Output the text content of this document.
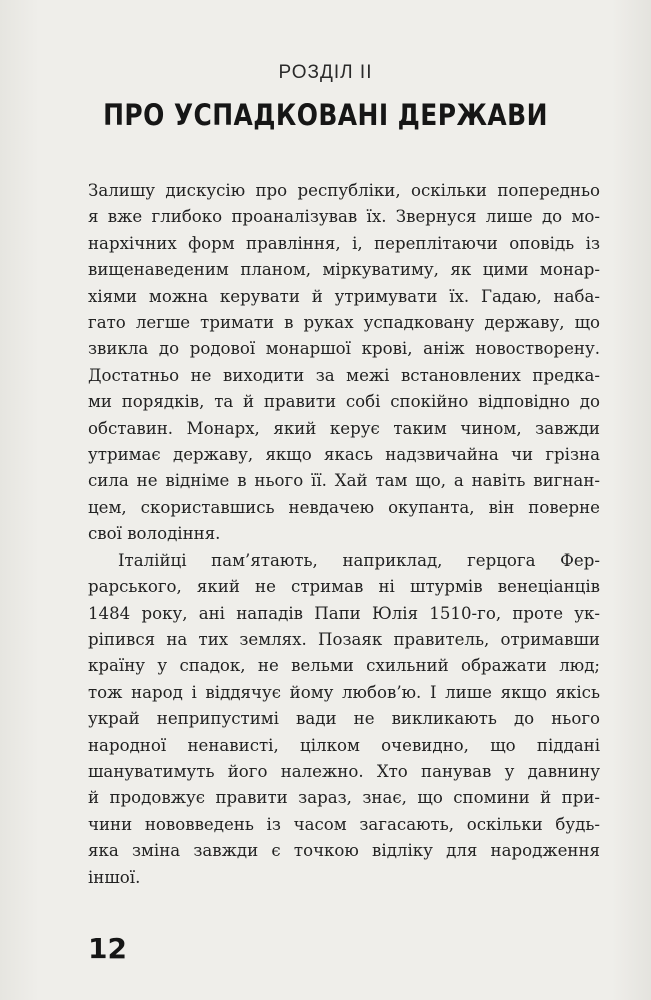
РОЗДІЛ II
ПРО УСПАДКОВАНІ ДЕРЖАВИ
Залишу дискусію про республіки, оскільки попередньо
я вже глибоко проаналізував їх. Звернуся лише до мо-
нархічних форм правління, і, переплітаючи оповідь із
вищенаведеним планом, міркуватиму, як цими монар-
хіями можна керувати й утримувати їх. Гадаю, наба-
гато легше тримати в руках успадковану державу, що
звикла до родової монаршої крові, аніж новостворену.
Достатньо не виходити за межі встановлених предка-
ми порядків, та й правити собі спокійно відповідно до
обставин. Монарх, який керує таким чином, завжди
утримає державу, якщо якась надзвичайна чи грізна
сила не відніме в нього її. Хай там що, а навіть вигнан-
цем, скориставшись невдачею окупанта, він поверне
свої володіння.
Італійці пам’ятають, наприклад, герцога Фер-
рарського, який не стримав ні штурмів венеціанців
1484 року, ані нападів Папи Юлія 1510-го, проте ук-
ріпився на тих землях. Позаяк правитель, отримавши
країну у спадок, не вельми схильний ображати люд;
тож народ і віддячує йому любов’ю. І лише якщо якісь
украй неприпустимі вади не викликають до нього
народної ненависті, цілком очевидно, що піддані
шануватимуть його належно. Хто панував у давнину
й продовжує правити зараз, знає, що спомини й при-
чини нововведень із часом загасають, оскільки будь-
яка зміна завжди є точкою відліку для народження
іншої.
12
